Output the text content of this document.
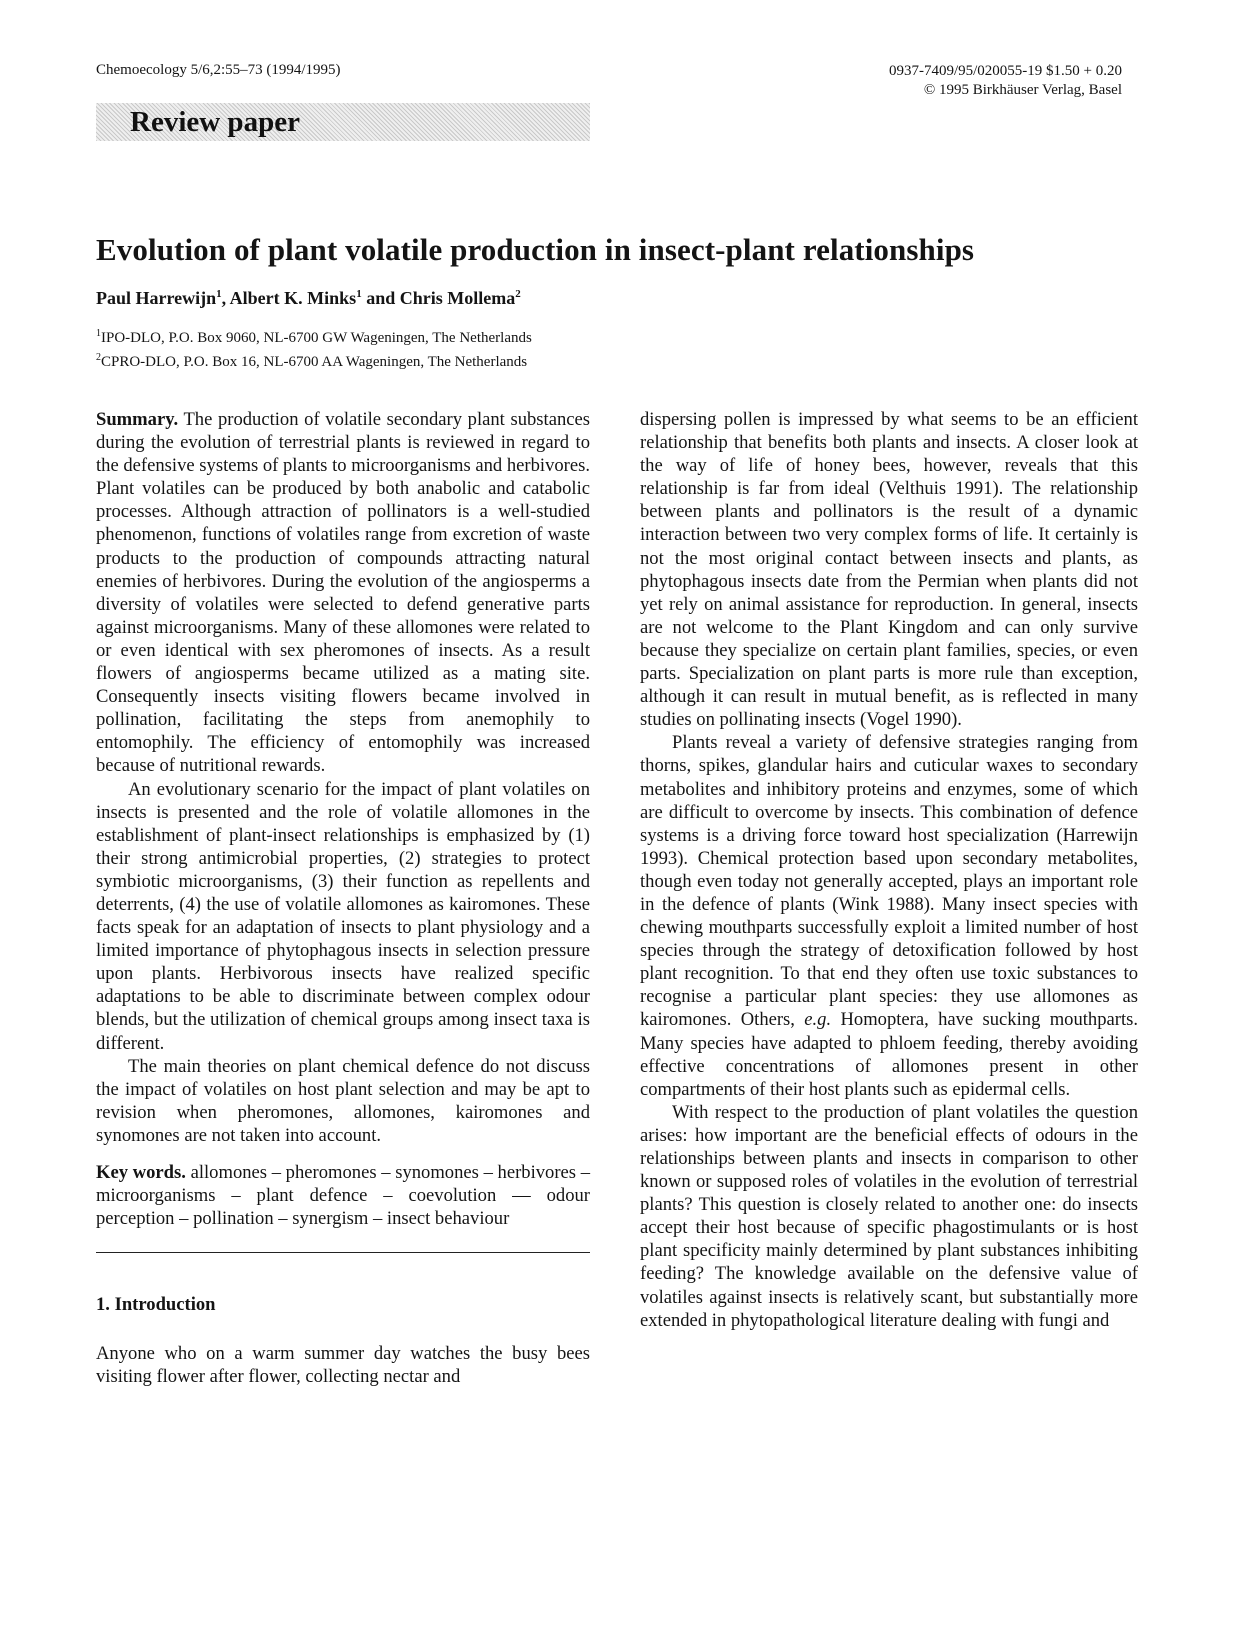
Chemoecology 5/6,2:55–73 (1994/1995)	0937-7409/95/020055-19 $1.50 + 0.20
© 1995 Birkhäuser Verlag, Basel
Review paper
Evolution of plant volatile production in insect-plant relationships
Paul Harrewijn$^1$, Albert K. Minks$^1$ and Chris Mollema$^2$
$^1$IPO-DLO, P.O. Box 9060, NL-6700 GW Wageningen, The Netherlands
$^2$CPRO-DLO, P.O. Box 16, NL-6700 AA Wageningen, The Netherlands

Summary. The production of volatile secondary plant substances during the evolution of terrestrial plants is reviewed in regard to the defensive systems of plants to microorganisms and herbivores. Plant volatiles can be produced by both anabolic and catabolic processes. Although attraction of pollinators is a well-studied phenomenon, functions of volatiles range from excretion of waste products to the production of compounds attracting natural enemies of herbivores. During the evolution of the angiosperms a diversity of volatiles were selected to defend generative parts against microorganisms. Many of these allomones were related to or even identical with sex pheromones of insects. As a result flowers of angiosperms became utilized as a mating site. Consequently insects visiting flowers became involved in pollination, facilitating the steps from anemophily to entomophily. The efficiency of entomophily was increased because of nutritional rewards.

An evolutionary scenario for the impact of plant volatiles on insects is presented and the role of volatile allomones in the establishment of plant-insect relationships is emphasized by (1) their strong antimicrobial properties, (2) strategies to protect symbiotic microorganisms, (3) their function as repellents and deterrents, (4) the use of volatile allomones as kairomones. These facts speak for an adaptation of insects to plant physiology and a limited importance of phytophagous insects in selection pressure upon plants. Herbivorous insects have realized specific adaptations to be able to discriminate between complex odour blends, but the utilization of chemical groups among insect taxa is different.

The main theories on plant chemical defence do not discuss the impact of volatiles on host plant selection and may be apt to revision when pheromones, allomones, kairomones and synomones are not taken into account.

Key words. allomones – pheromones – synomones – herbivores – microorganisms – plant defence – coevolution — odour perception – pollination – synergism – insect behaviour

1. Introduction

Anyone who on a warm summer day watches the busy bees visiting flower after flower, collecting nectar and

dispersing pollen is impressed by what seems to be an efficient relationship that benefits both plants and insects. A closer look at the way of life of honey bees, however, reveals that this relationship is far from ideal (Velthuis 1991). The relationship between plants and pollinators is the result of a dynamic interaction between two very complex forms of life. It certainly is not the most original contact between insects and plants, as phytophagous insects date from the Permian when plants did not yet rely on animal assistance for reproduction. In general, insects are not welcome to the Plant Kingdom and can only survive because they specialize on certain plant families, species, or even parts. Specialization on plant parts is more rule than exception, although it can result in mutual benefit, as is reflected in many studies on pollinating insects (Vogel 1990).

Plants reveal a variety of defensive strategies ranging from thorns, spikes, glandular hairs and cuticular waxes to secondary metabolites and inhibitory proteins and enzymes, some of which are difficult to overcome by insects. This combination of defence systems is a driving force toward host specialization (Harrewijn 1993). Chemical protection based upon secondary metabolites, though even today not generally accepted, plays an important role in the defence of plants (Wink 1988). Many insect species with chewing mouthparts successfully exploit a limited number of host species through the strategy of detoxification followed by host plant recognition. To that end they often use toxic substances to recognise a particular plant species: they use allomones as kairomones. Others, e.g. Homoptera, have sucking mouthparts. Many species have adapted to phloem feeding, thereby avoiding effective concentrations of allomones present in other compartments of their host plants such as epidermal cells.

With respect to the production of plant volatiles the question arises: how important are the beneficial effects of odours in the relationships between plants and insects in comparison to other known or supposed roles of volatiles in the evolution of terrestrial plants? This question is closely related to another one: do insects accept their host because of specific phagostimulants or is host plant specificity mainly determined by plant substances inhibiting feeding? The knowledge available on the defensive value of volatiles against insects is relatively scant, but substantially more extended in phytopathological literature dealing with fungi and
